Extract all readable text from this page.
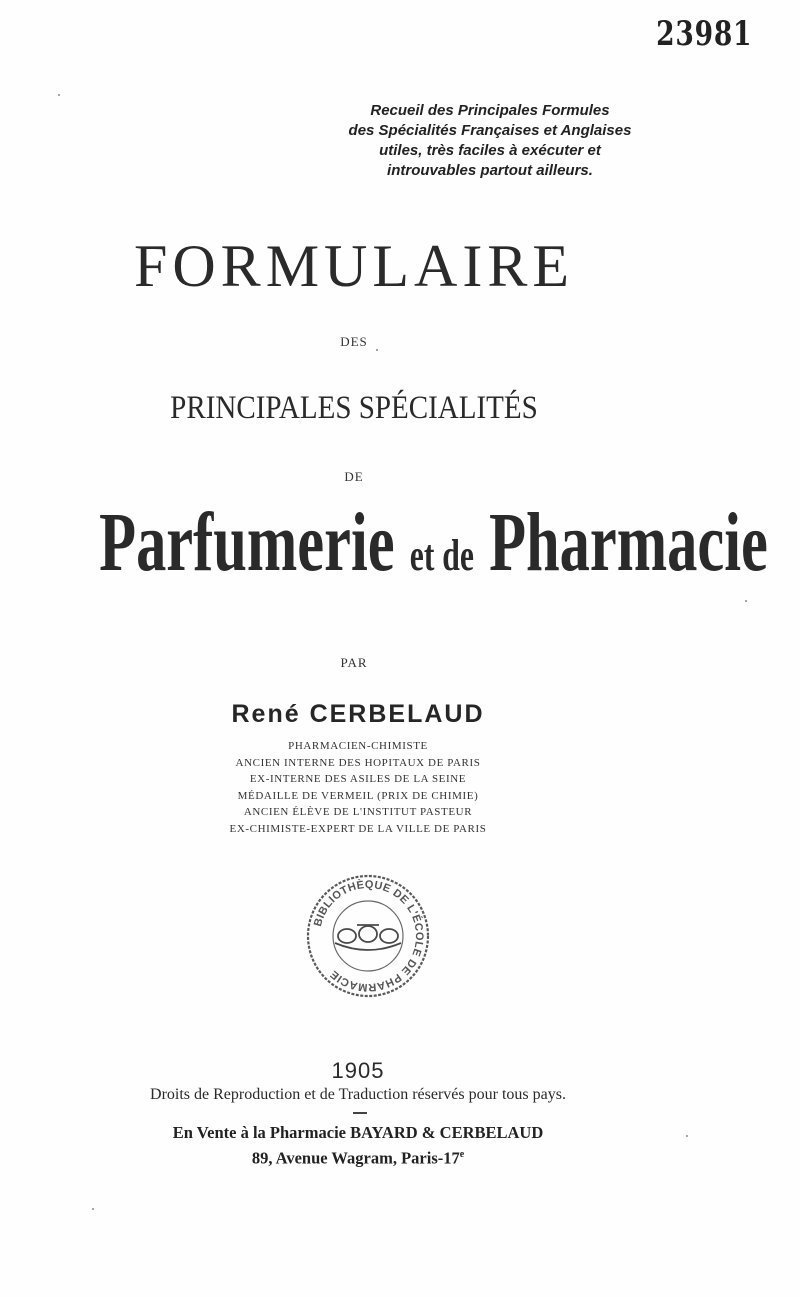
23981
Recueil des Principales Formules
des Spécialités Françaises et Anglaises
utiles, très faciles à exécuter et
introuvables partout ailleurs.
FORMULAIRE
DES
PRINCIPALES SPÉCIALITÉS
DE
Parfumerie et de Pharmacie
PAR
René CERBELAUD
PHARMACIEN-CHIMISTE
ANCIEN INTERNE DES HOPITAUX DE PARIS
EX-INTERNE DES ASILES DE LA SEINE
MÉDAILLE DE VERMEIL (PRIX DE CHIMIE)
ANCIEN ÉLÈVE DE L'INSTITUT PASTEUR
EX-CHIMISTE-EXPERT DE LA VILLE DE PARIS
BIBLIOTHÈQUE DE L'ÉCOLE DE PHARMACIE
1905
Droits de Reproduction et de Traduction réservés pour tous pays.
En Vente à la Pharmacie BAYARD & CERBELAUD
89, Avenue Wagram, Paris-17e
